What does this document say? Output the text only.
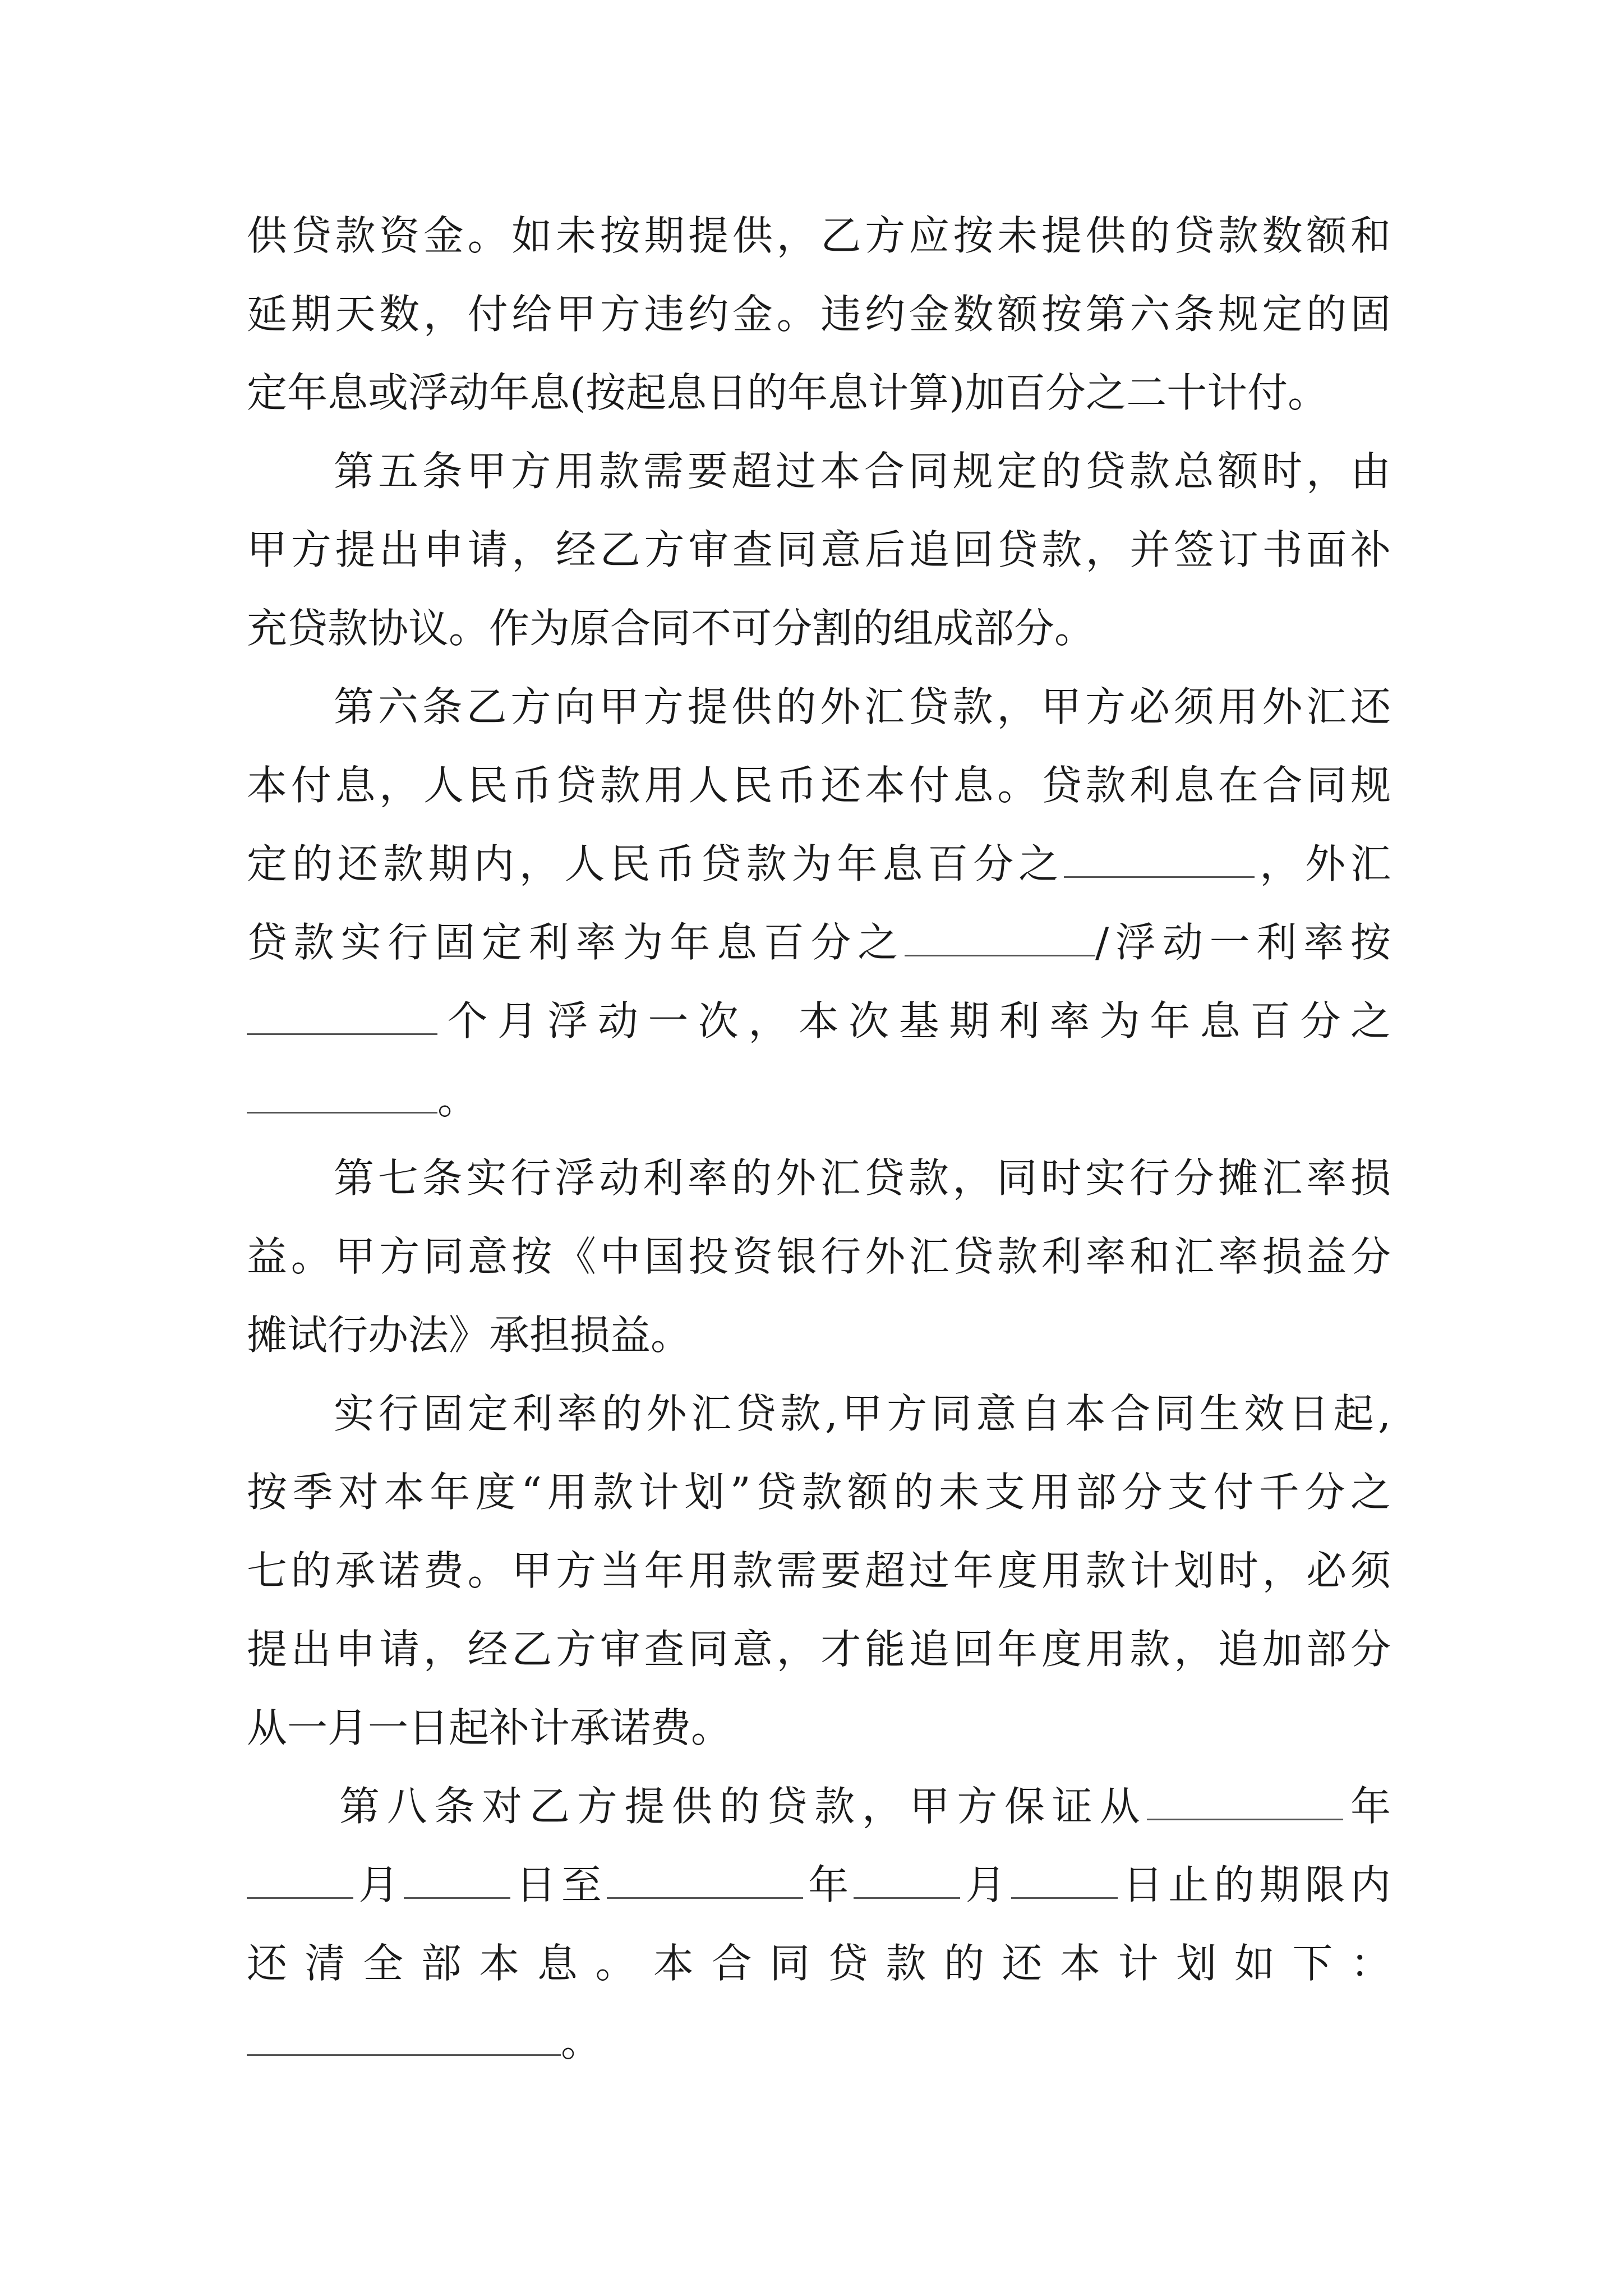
供贷款资金。如未按期提供，乙方应按未提供的贷款数额和
延期天数，付给甲方违约金。违约金数额按第六条规定的固
定年息或浮动年息(按起息日的年息计算)加百分之二十计付。
第五条甲方用款需要超过本合同规定的贷款总额时，由
甲方提出申请，经乙方审查同意后追回贷款，并签订书面补
充贷款协议。作为原合同不可分割的组成部分。
第六条乙方向甲方提供的外汇贷款，甲方必须用外汇还
本付息，人民币贷款用人民币还本付息。贷款利息在合同规
定的还款期内，人民币贷款为年息百分之	，外汇
贷款实行固定利率为年息百分之	/浮动一利率按
个月浮动一次，本次基期利率为年息百分之
。
第七条实行浮动利率的外汇贷款，同时实行分摊汇率损
益。甲方同意按《中国投资银行外汇贷款利率和汇率损益分
摊试行办法》承担损益。
实行固定利率的外汇贷款,甲方同意自本合同生效日起,
按季对本年度“用款计划”贷款额的未支用部分支付千分之
七的承诺费。甲方当年用款需要超过年度用款计划时，必须
提出申请，经乙方审查同意，才能追回年度用款，追加部分
从一月一日起补计承诺费。
第八条对乙方提供的贷款，甲方保证从	年
月	日至	年	月	日止的期限内
还清全部本息。本合同贷款的还本计划如下：
。
